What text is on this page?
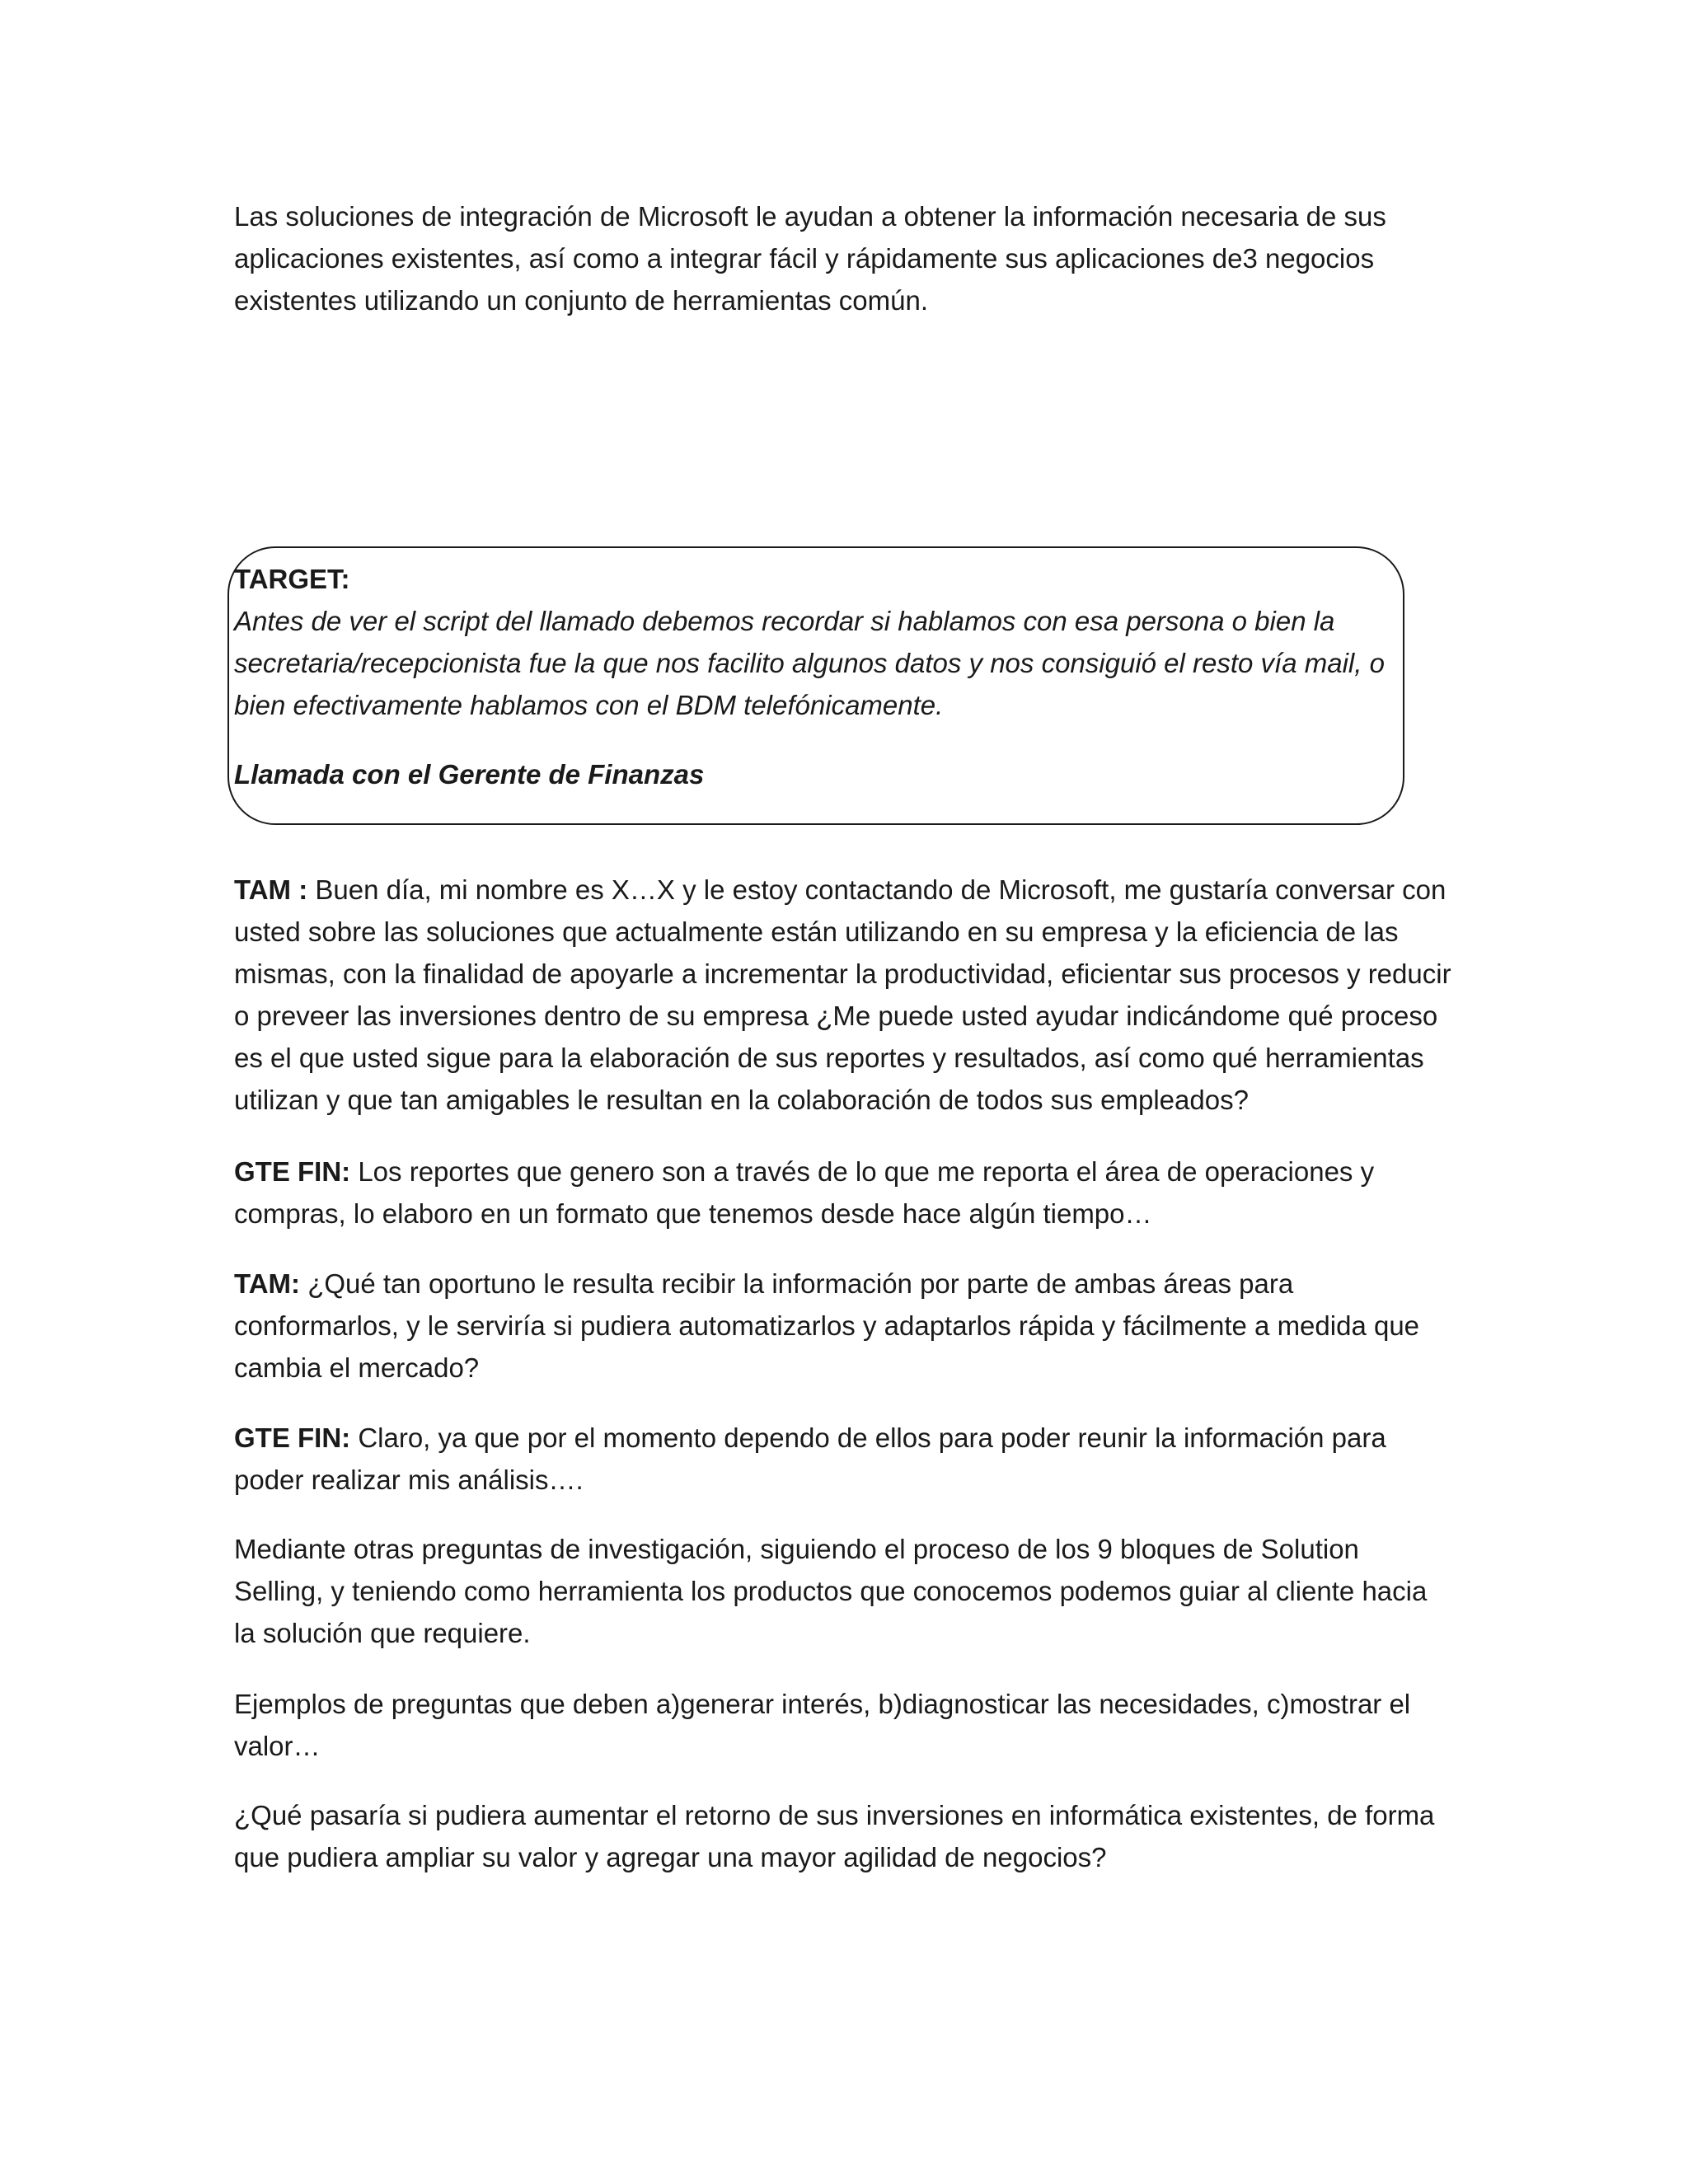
Las soluciones de integración de Microsoft le ayudan a obtener la información necesaria de sus aplicaciones existentes, así como a integrar fácil y rápidamente sus aplicaciones de3 negocios existentes utilizando un conjunto de herramientas común.

TARGET:

Antes de ver el script del llamado debemos recordar si hablamos con esa persona o bien la secretaria/recepcionista fue la que nos facilito algunos datos y nos consiguió el resto vía mail, o bien efectivamente hablamos con el BDM telefónicamente.

Llamada con el Gerente de Finanzas

TAM : Buen día, mi nombre es X…X y le estoy contactando de Microsoft, me gustaría conversar con usted sobre las soluciones que actualmente están utilizando en su empresa y la eficiencia de las mismas, con la finalidad de apoyarle a incrementar la productividad, eficientar sus procesos y reducir o preveer las inversiones dentro de su empresa ¿Me puede usted ayudar indicándome qué proceso es el que usted sigue para la elaboración de sus reportes y resultados, así como qué herramientas utilizan y que tan amigables le resultan en la colaboración de todos sus empleados?

GTE FIN: Los reportes que genero son a través de lo que me reporta el área de operaciones y compras, lo elaboro en un formato que tenemos desde hace algún tiempo…

TAM: ¿Qué tan oportuno le resulta recibir la información por parte de ambas áreas para conformarlos, y le serviría si pudiera automatizarlos y adaptarlos rápida y fácilmente a medida que cambia el mercado?

GTE FIN: Claro, ya que por el momento dependo de ellos para poder reunir la información para poder realizar mis análisis….

Mediante otras preguntas de investigación, siguiendo el proceso de los 9 bloques de Solution Selling, y teniendo como herramienta los productos que conocemos podemos guiar al cliente hacia la solución que requiere.

Ejemplos de preguntas que deben a)generar interés, b)diagnosticar las necesidades, c)mostrar el valor…

¿Qué pasaría si pudiera aumentar el retorno de sus inversiones en informática existentes, de forma que pudiera ampliar su valor y agregar una mayor agilidad de negocios?
